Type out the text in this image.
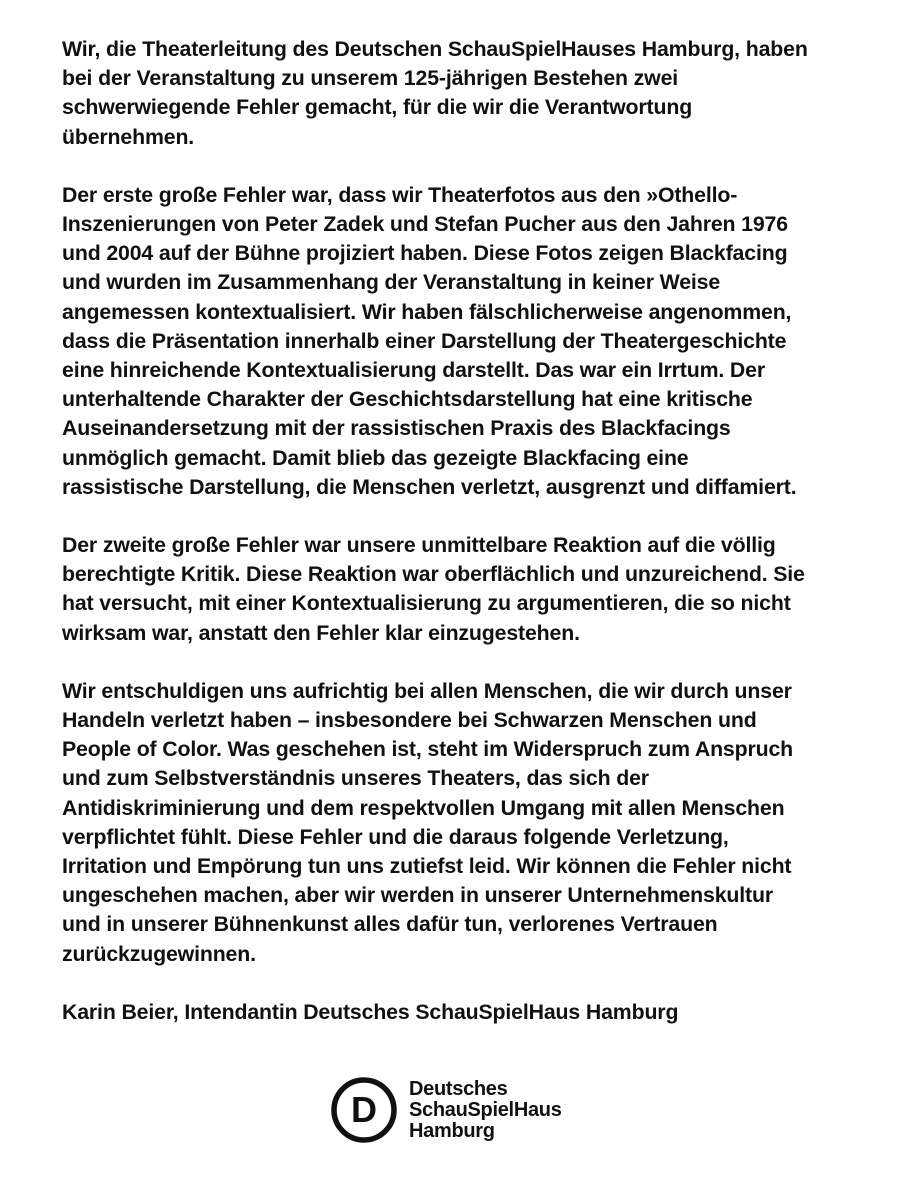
Wir, die Theaterleitung des Deutschen SchauSpielHauses Hamburg, haben
bei der Veranstaltung zu unserem 125-jährigen Bestehen zwei
schwerwiegende Fehler gemacht, für die wir die Verantwortung
übernehmen.

Der erste große Fehler war, dass wir Theaterfotos aus den »Othello-
Inszenierungen von Peter Zadek und Stefan Pucher aus den Jahren 1976
und 2004 auf der Bühne projiziert haben. Diese Fotos zeigen Blackfacing
und wurden im Zusammenhang der Veranstaltung in keiner Weise
angemessen kontextualisiert. Wir haben fälschlicherweise angenommen,
dass die Präsentation innerhalb einer Darstellung der Theatergeschichte
eine hinreichende Kontextualisierung darstellt. Das war ein Irrtum. Der
unterhaltende Charakter der Geschichtsdarstellung hat eine kritische
Auseinandersetzung mit der rassistischen Praxis des Blackfacings
unmöglich gemacht. Damit blieb das gezeigte Blackfacing eine
rassistische Darstellung, die Menschen verletzt, ausgrenzt und diffamiert.

Der zweite große Fehler war unsere unmittelbare Reaktion auf die völlig
berechtigte Kritik. Diese Reaktion war oberflächlich und unzureichend. Sie
hat versucht, mit einer Kontextualisierung zu argumentieren, die so nicht
wirksam war, anstatt den Fehler klar einzugestehen.

Wir entschuldigen uns aufrichtig bei allen Menschen, die wir durch unser
Handeln verletzt haben – insbesondere bei Schwarzen Menschen und
People of Color. Was geschehen ist, steht im Widerspruch zum Anspruch
und zum Selbstverständnis unseres Theaters, das sich der
Antidiskriminierung und dem respektvollen Umgang mit allen Menschen
verpflichtet fühlt. Diese Fehler und die daraus folgende Verletzung,
Irritation und Empörung tun uns zutiefst leid. Wir können die Fehler nicht
ungeschehen machen, aber wir werden in unserer Unternehmenskultur
und in unserer Bühnenkunst alles dafür tun, verlorenes Vertrauen
zurückzugewinnen.

Karin Beier, Intendantin Deutsches SchauSpielHaus Hamburg

D
Deutsches
SchauSpielHaus
Hamburg
